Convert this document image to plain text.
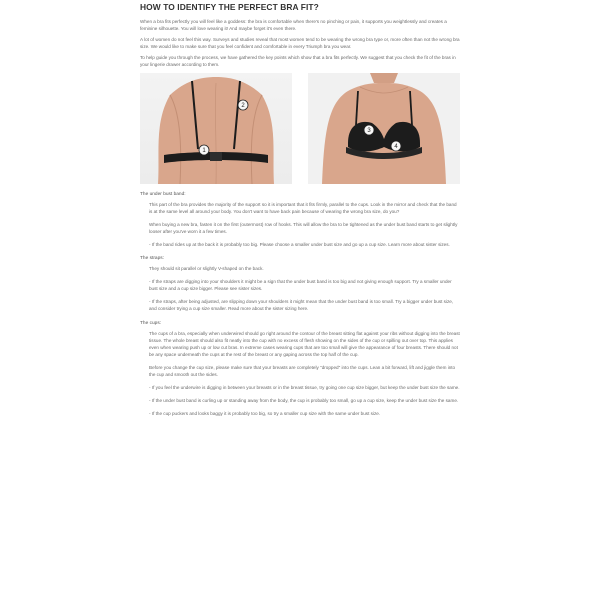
HOW TO IDENTIFY THE PERFECT BRA FIT?

When a bra fits perfectly you will feel like a goddess: the bra is comfortable when there's no pinching or pain, it supports you weightlessly and creates a feminine silhouette. You will love wearing it! And maybe forget it's even there.

A lot of women do not feel this way. Surveys and studies reveal that most women tend to be wearing the wrong bra type or, more often than not the wrong bra size. We would like to make sure that you feel confident and comfortable in every Triumph bra you wear.

To help guide you through the process, we have gathered the key points which show that a bra fits perfectly. We suggest that you check the fit of the bras in your lingerie drawer according to them.

1
2
3
4
The under bust band:

This part of the bra provides the majority of the support so it is important that it fits firmly, parallel to the cups. Look in the mirror and check that the band is at the same level all around your body. You don't want to have back pain because of wearing the wrong bra size, do you?

When buying a new bra, fasten it on the first (outermost) row of hooks. This will allow the bra to be tightened as the under bust band starts to get slightly looser after you've worn it a few times.

- If the band rides up at the back it is probably too big. Please choose a smaller under bust size and go up a cup size. Learn more about sister sizes.

The straps:

They should sit parallel or slightly V-shaped on the back.

- If the straps are digging into your shoulders it might be a sign that the under bust band is too big and not giving enough support. Try a smaller under bust size and a cup size bigger. Please see sister sizes.

- If the straps, after being adjusted, are slipping down your shoulders it might mean that the under bust band is too small. Try a bigger under bust size, and consider trying a cup size smaller. Read more about the sister sizing here.

The cups:

The cups of a bra, especially when underwired should go right around the contour of the breast sitting flat against your ribs without digging into the breast tissue. The whole breast should also fit neatly into the cup with no excess of flesh showing on the sides of the cup or spilling out over top. This applies even when wearing push up or low cut bras. In extreme cases wearing cups that are too small will give the appearance of four breasts. There should not be any space underneath the cups at the rest of the breast or any gaping across the top half of the cup.

Before you change the cup size, please make sure that your breasts are completely "dropped" into the cups. Lean a bit forward, lift and jiggle them into the cup and smooth out the sides.

- If you feel the underwire is digging in between your breasts or in the breast tissue, try going one cup size bigger, but keep the under bust size the same.

- If the under bust band is curling up or standing away from the body, the cup is probably too small, go up a cup size, keep the under bust size the same.

- If the cup puckers and looks baggy it is probably too big, so try a smaller cup size with the same under bust size.
